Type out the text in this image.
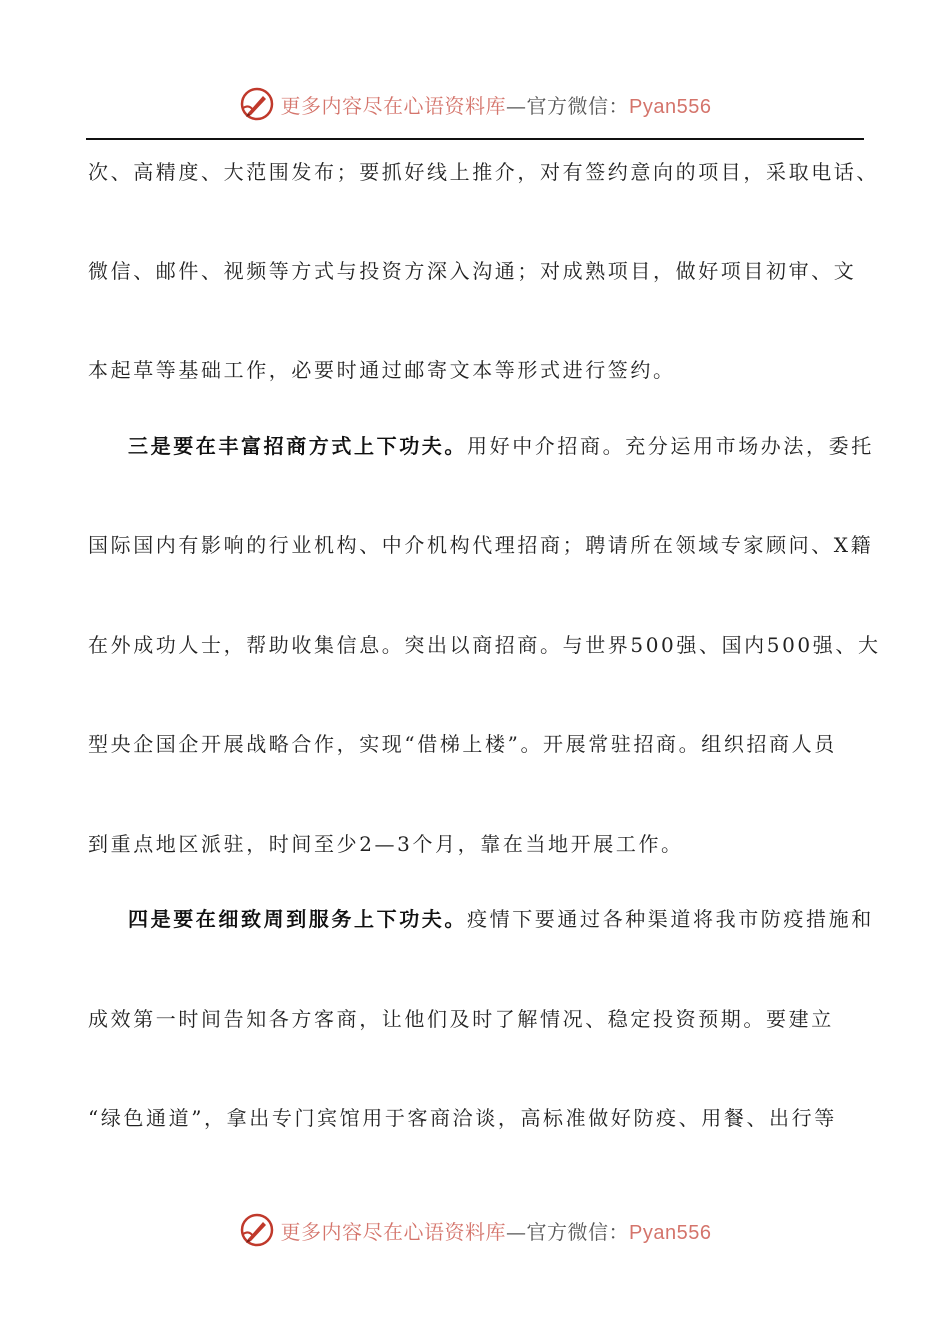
更多内容尽在心语资料库—官方微信：Pyan556
次、高精度、大范围发布；要抓好线上推介，对有签约意向的项目，采取电话、
微信、邮件、视频等方式与投资方深入沟通；对成熟项目，做好项目初审、文
本起草等基础工作，必要时通过邮寄文本等形式进行签约。
三是要在丰富招商方式上下功夫。用好中介招商。充分运用市场办法，委托
国际国内有影响的行业机构、中介机构代理招商；聘请所在领域专家顾问、X籍
在外成功人士，帮助收集信息。突出以商招商。与世界500强、国内500强、大
型央企国企开展战略合作，实现“借梯上楼”。开展常驻招商。组织招商人员
到重点地区派驻，时间至少2—3个月，靠在当地开展工作。
四是要在细致周到服务上下功夫。疫情下要通过各种渠道将我市防疫措施和
成效第一时间告知各方客商，让他们及时了解情况、稳定投资预期。要建立
“绿色通道”，拿出专门宾馆用于客商洽谈，高标准做好防疫、用餐、出行等
更多内容尽在心语资料库—官方微信：Pyan556
